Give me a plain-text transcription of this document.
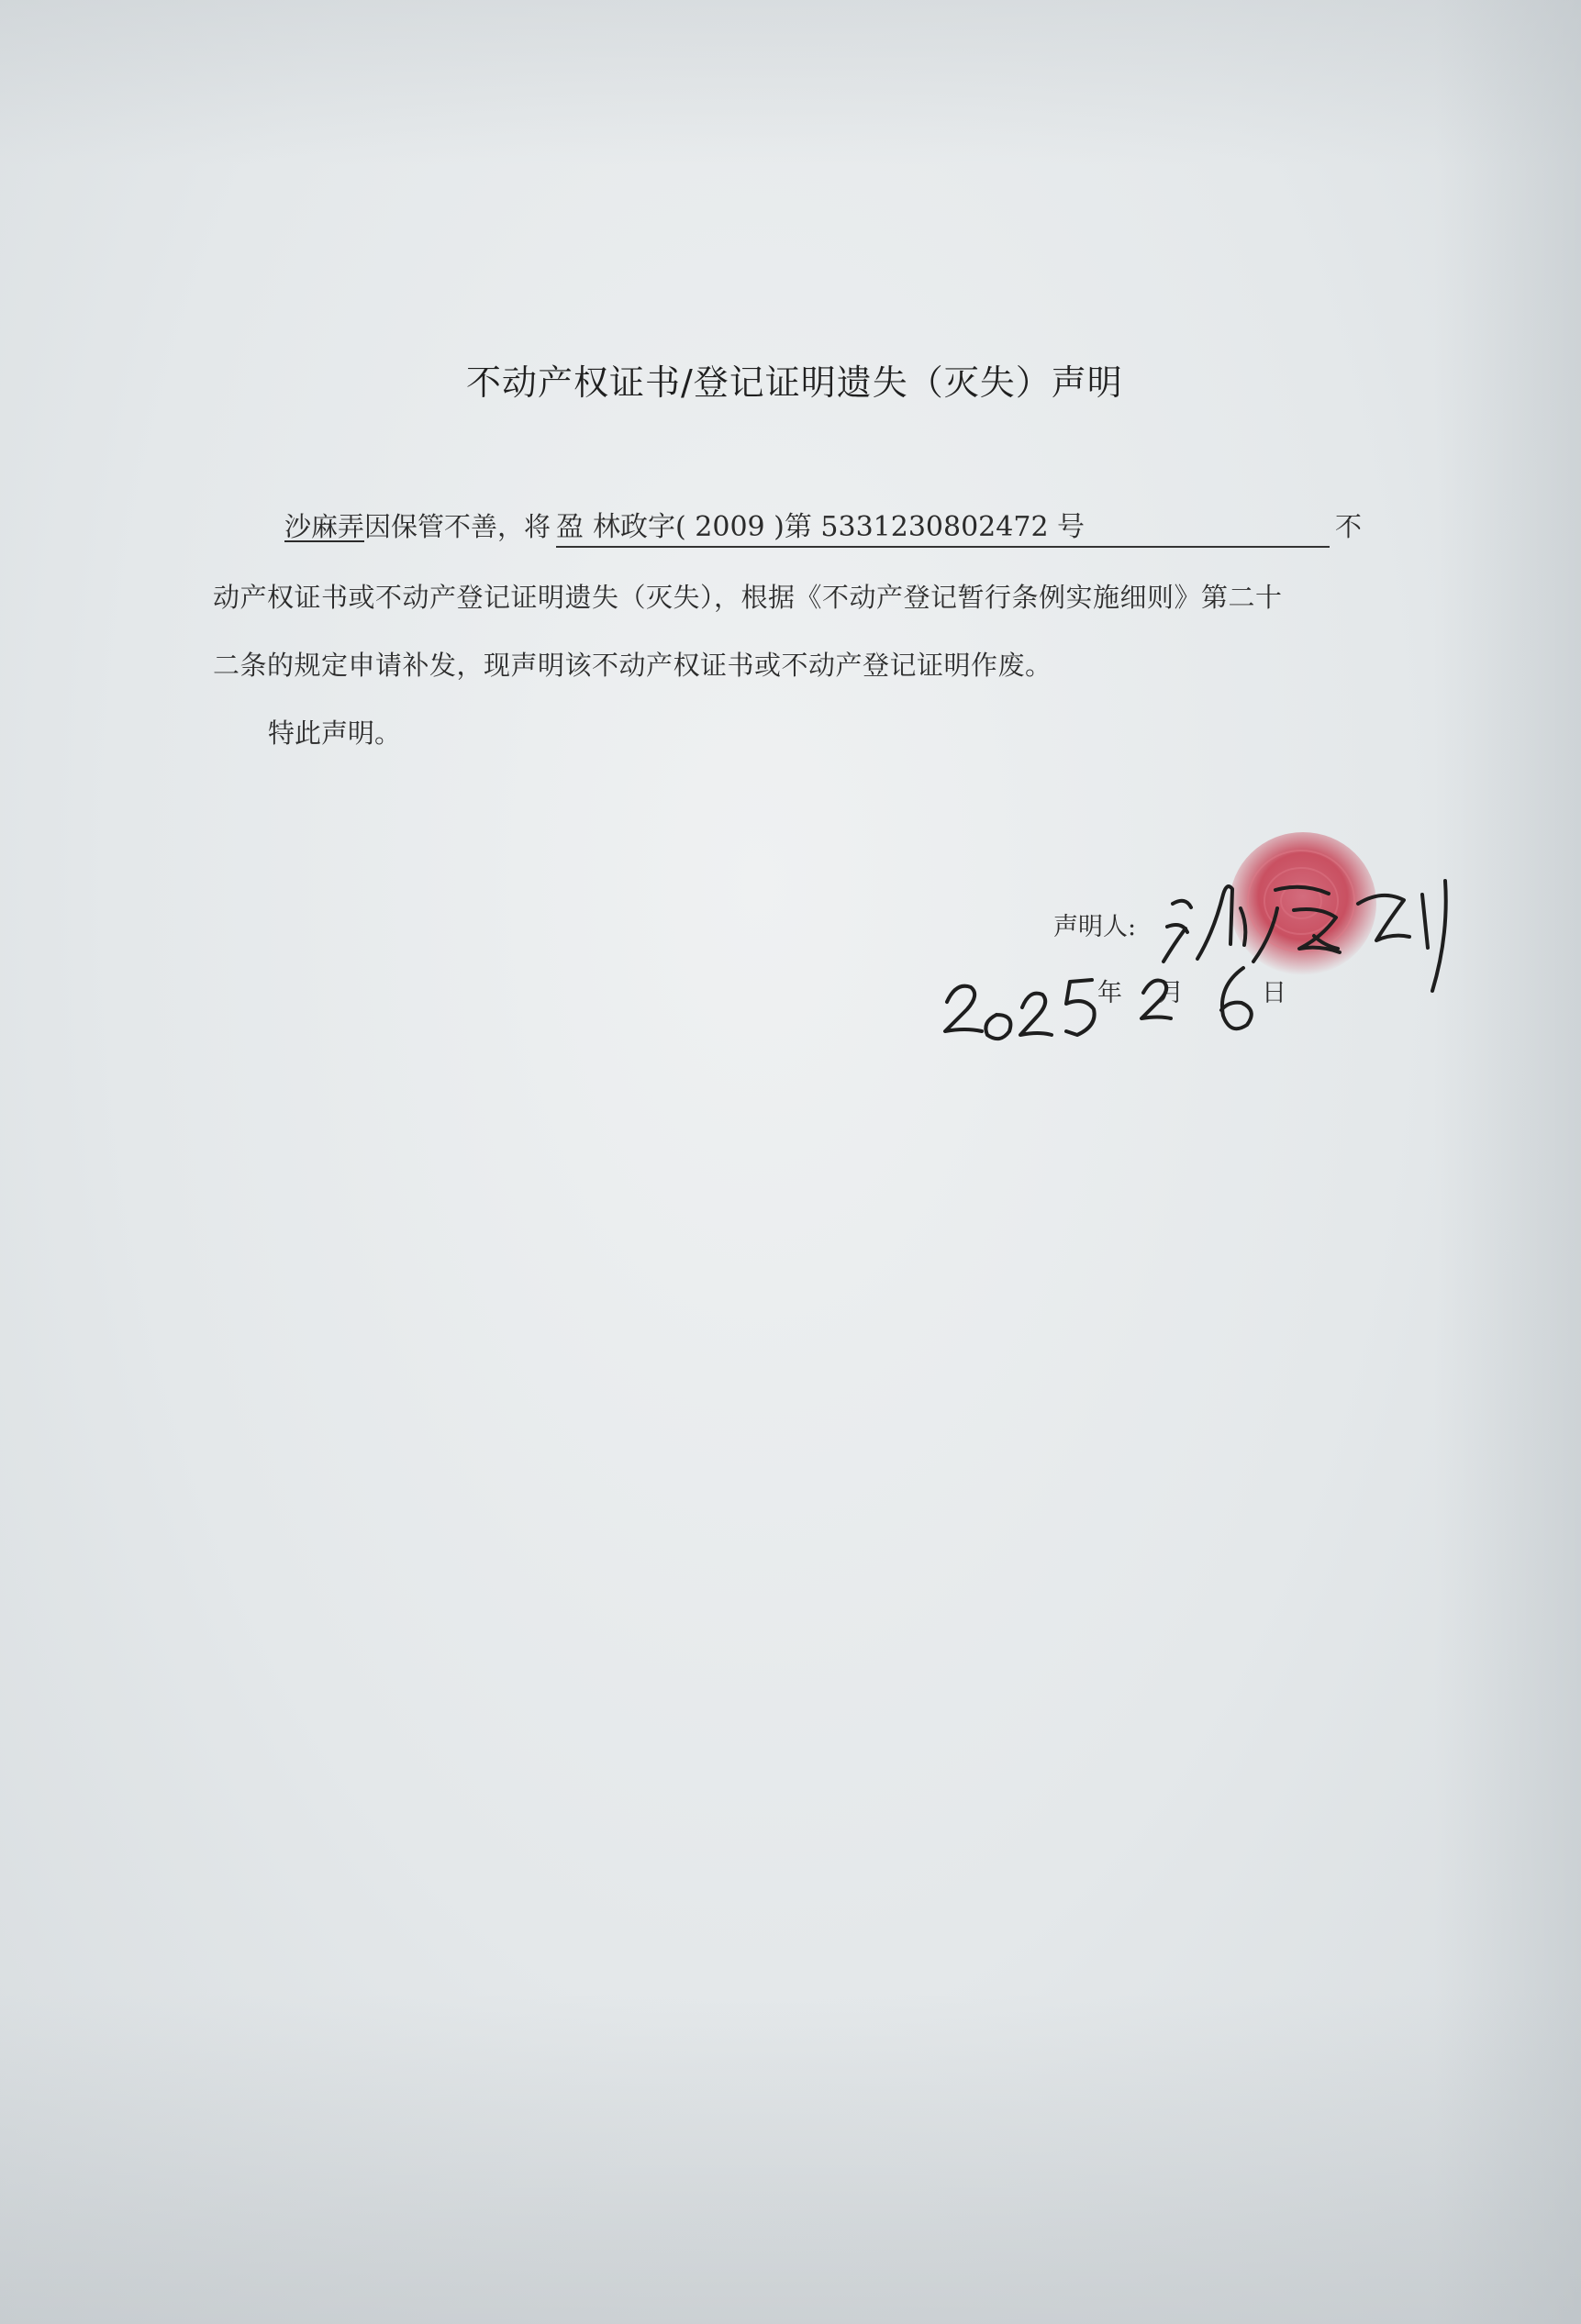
不动产权证书/登记证明遗失（灭失）声明
沙麻弄因保管不善，将 盈 林政字( 2009 )第 5331230802472 号	不
动产权证书或不动产登记证明遗失（灭失），根据《不动产登记暂行条例实施细则》第二十
二条的规定申请补发，现声明该不动产权证书或不动产登记证明作废。
特此声明。
声明人:
年 月	日
